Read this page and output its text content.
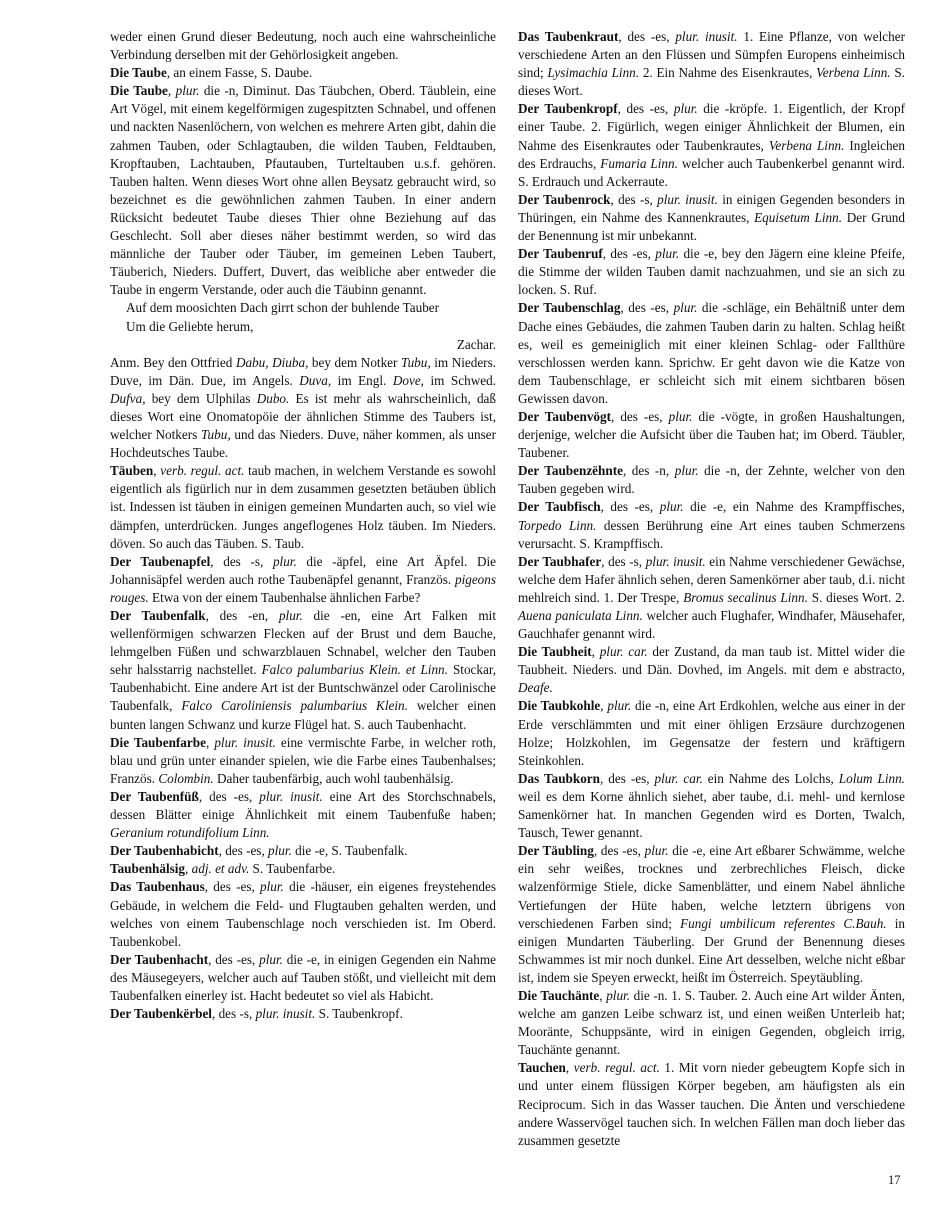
weder einen Grund dieser Bedeutung, noch auch eine wahrscheinliche Verbindung derselben mit der Gehörlosigkeit angeben.

Die Taube, an einem Fasse, S. Daube.

Die Taube, plur. die -n, Diminut. Das Täubchen, Oberd. Täublein, eine Art Vögel, mit einem kegelförmigen zugespitzten Schnabel, und offenen und nackten Nasenlöchern, von welchen es mehrere Arten gibt, dahin die zahmen Tauben, oder Schlagtauben, die wilden Tauben, Feldtauben, Kropftauben, Lachtauben, Pfautauben, Turteltauben u.s.f. gehören. Tauben halten. Wenn dieses Wort ohne allen Beysatz gebraucht wird, so bezeichnet es die gewöhnlichen zahmen Tauben. In einer andern Rücksicht bedeutet Taube dieses Thier ohne Beziehung auf das Geschlecht. Soll aber dieses näher bestimmt werden, so wird das männliche der Tauber oder Täuber, im gemeinen Leben Taubert, Täuberich, Nieders. Duffert, Duvert, das weibliche aber entweder die Taube in engerm Verstande, oder auch die Täubinn genannt.

Auf dem moosichten Dach girrt schon der buhlende Tauber

Um die Geliebte herum,

Zachar.

Anm. Bey den Ottfried Dabu, Diuba, bey dem Notker Tubu, im Nieders. Duve, im Dän. Due, im Angels. Duva, im Engl. Dove, im Schwed. Dufva, bey dem Ulphilas Dubo. Es ist mehr als wahrscheinlich, daß dieses Wort eine Onomatopöie der ähnlichen Stimme des Taubers ist, welcher Notkers Tubu, und das Nieders. Duve, näher kommen, als unser Hochdeutsches Taube.

Täuben, verb. regul. act. taub machen, in welchem Verstande es sowohl eigentlich als figürlich nur in dem zusammen gesetzten betäuben üblich ist. Indessen ist täuben in einigen gemeinen Mundarten auch, so viel wie dämpfen, unterdrücken. Junges angeflogenes Holz täuben. Im Nieders. döven. So auch das Täuben. S. Taub.

Der Taubenapfel, des -s, plur. die -äpfel, eine Art Äpfel. Die Johannisäpfel werden auch rothe Taubenäpfel genannt, Französ. pigeons rouges. Etwa von der einem Taubenhalse ähnlichen Farbe?

Der Taubenfalk, des -en, plur. die -en, eine Art Falken mit wellenförmigen schwarzen Flecken auf der Brust und dem Bauche, lehmgelben Füßen und schwarzblauen Schnabel, welcher den Tauben sehr halsstarrig nachstellet. Falco palumbarius Klein. et Linn. Stockar, Taubenhabicht. Eine andere Art ist der Buntschwänzel oder Carolinische Taubenfalk, Falco Caroliniensis palumbarius Klein. welcher einen bunten langen Schwanz und kurze Flügel hat. S. auch Taubenhacht.

Die Taubenfarbe, plur. inusit. eine vermischte Farbe, in welcher roth, blau und grün unter einander spielen, wie die Farbe eines Taubenhalses; Französ. Colombin. Daher taubenfärbig, auch wohl taubenhälsig.

Der Taubenfüß, des -es, plur. inusit. eine Art des Storchschnabels, dessen Blätter einige Ähnlichkeit mit einem Taubenfuße haben; Geranium rotundifolium Linn.

Der Taubenhabicht, des -es, plur. die -e, S. Taubenfalk.

Taubenhälsig, adj. et adv. S. Taubenfarbe.

Das Taubenhaus, des -es, plur. die -häuser, ein eigenes freystehendes Gebäude, in welchem die Feld- und Flugtauben gehalten werden, und welches von einem Taubenschlage noch verschieden ist. Im Oberd. Taubenkobel.

Der Taubenhacht, des -es, plur. die -e, in einigen Gegenden ein Nahme des Mäusegeyers, welcher auch auf Tauben stößt, und vielleicht mit dem Taubenfalken einerley ist. Hacht bedeutet so viel als Habicht.

Der Taubenkërbel, des -s, plur. inusit. S. Taubenkropf.

Das Taubenkraut, des -es, plur. inusit. 1. Eine Pflanze, von welcher verschiedene Arten an den Flüssen und Sümpfen Europens einheimisch sind; Lysimachia Linn. 2. Ein Nahme des Eisenkrautes, Verbena Linn. S. dieses Wort.

Der Taubenkropf, des -es, plur. die -kröpfe. 1. Eigentlich, der Kropf einer Taube. 2. Figürlich, wegen einiger Ähnlichkeit der Blumen, ein Nahme des Eisenkrautes oder Taubenkrautes, Verbena Linn. Ingleichen des Erdrauchs, Fumaria Linn. welcher auch Taubenkerbel genannt wird. S. Erdrauch und Ackerraute.

Der Taubenrock, des -s, plur. inusit. in einigen Gegenden besonders in Thüringen, ein Nahme des Kannenkrautes, Equisetum Linn. Der Grund der Benennung ist mir unbekannt.

Der Taubenruf, des -es, plur. die -e, bey den Jägern eine kleine Pfeife, die Stimme der wilden Tauben damit nachzuahmen, und sie an sich zu locken. S. Ruf.

Der Taubenschlag, des -es, plur. die -schläge, ein Behältniß unter dem Dache eines Gebäudes, die zahmen Tauben darin zu halten. Schlag heißt es, weil es gemeiniglich mit einer kleinen Schlag- oder Fallthüre verschlossen werden kann. Sprichw. Er geht davon wie die Katze von dem Taubenschlage, er schleicht sich mit einem sichtbaren bösen Gewissen davon.

Der Taubenvögt, des -es, plur. die -vögte, in großen Haushaltungen, derjenige, welcher die Aufsicht über die Tauben hat; im Oberd. Täubler, Taubener.

Der Taubenzëhnte, des -n, plur. die -n, der Zehnte, welcher von den Tauben gegeben wird.

Der Taubfisch, des -es, plur. die -e, ein Nahme des Krampffisches, Torpedo Linn. dessen Berührung eine Art eines tauben Schmerzens verursacht. S. Krampffisch.

Der Taubhafer, des -s, plur. inusit. ein Nahme verschiedener Gewächse, welche dem Hafer ähnlich sehen, deren Samenkörner aber taub, d.i. nicht mehlreich sind. 1. Der Trespe, Bromus secalinus Linn. S. dieses Wort. 2. Auena paniculata Linn. welcher auch Flughafer, Windhafer, Mäusehafer, Gauchhafer genannt wird.

Die Taubheit, plur. car. der Zustand, da man taub ist. Mittel wider die Taubheit. Nieders. und Dän. Dovhed, im Angels. mit dem e abstracto, Deafe.

Die Taubkohle, plur. die -n, eine Art Erdkohlen, welche aus einer in der Erde verschlämmten und mit einer öhligen Erzsäure durchzogenen Holze; Holzkohlen, im Gegensatze der festern und kräftigern Steinkohlen.

Das Taubkorn, des -es, plur. car. ein Nahme des Lolchs, Lolum Linn. weil es dem Korne ähnlich siehet, aber taube, d.i. mehl- und kernlose Samenkörner hat. In manchen Gegenden wird es Dorten, Twalch, Tausch, Tewer genannt.

Der Täubling, des -es, plur. die -e, eine Art eßbarer Schwämme, welche ein sehr weißes, trocknes und zerbrechliches Fleisch, dicke walzenförmige Stiele, dicke Samenblätter, und einem Nabel ähnliche Vertiefungen der Hüte haben, welche letztern übrigens von verschiedenen Farben sind; Fungi umbilicum referentes C.Bauh. in einigen Mundarten Täuberling. Der Grund der Benennung dieses Schwammes ist mir noch dunkel. Eine Art desselben, welche nicht eßbar ist, indem sie Speyen erweckt, heißt im Österreich. Speytäubling.

Die Tauchänte, plur. die -n. 1. S. Tauber. 2. Auch eine Art wilder Änten, welche am ganzen Leibe schwarz ist, und einen weißen Unterleib hat; Mooränte, Schuppsänte, wird in einigen Gegenden, obgleich irrig, Tauchänte genannt.

Tauchen, verb. regul. act. 1. Mit vorn nieder gebeugtem Kopfe sich in und unter einem flüssigen Körper begeben, am häufigsten als ein Reciprocum. Sich in das Wasser tauchen. Die Änten und verschiedene andere Wasservögel tauchen sich. In welchen Fällen man doch lieber das zusammen gesetzte

17
